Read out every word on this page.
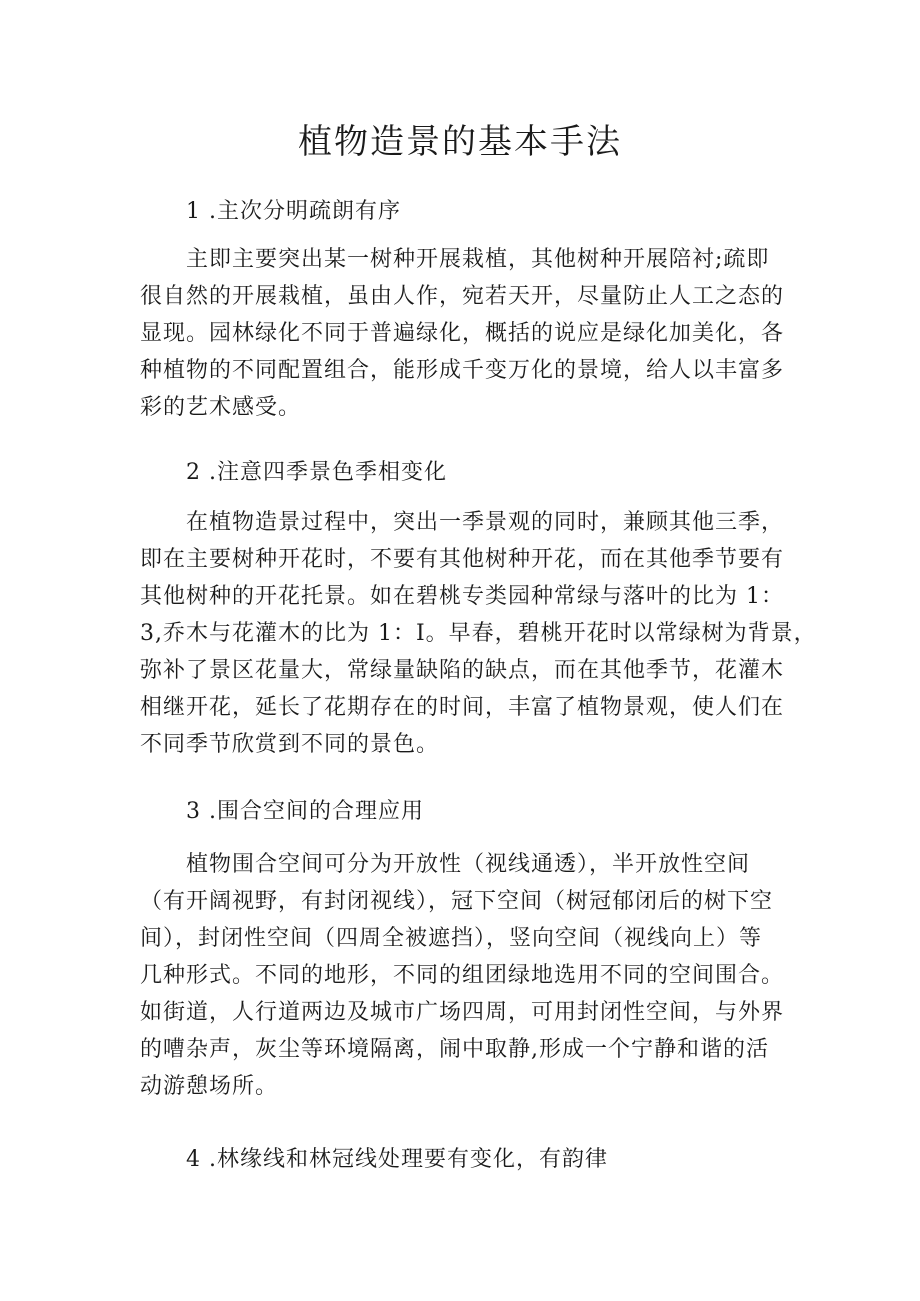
植物造景的基本手法
1 .主次分明疏朗有序
主即主要突出某一树种开展栽植，其他树种开展陪衬;疏即
很自然的开展栽植，虽由人作，宛若天开，尽量防止人工之态的
显现。园林绿化不同于普遍绿化，概括的说应是绿化加美化，各
种植物的不同配置组合，能形成千变万化的景境，给人以丰富多
彩的艺术感受。
2 .注意四季景色季相变化
在植物造景过程中，突出一季景观的同时，兼顾其他三季，
即在主要树种开花时，不要有其他树种开花，而在其他季节要有
其他树种的开花托景。如在碧桃专类园种常绿与落叶的比为 1：
3,乔木与花灌木的比为 1：I。早春，碧桃开花时以常绿树为背景，
弥补了景区花量大，常绿量缺陷的缺点，而在其他季节，花灌木
相继开花，延长了花期存在的时间，丰富了植物景观，使人们在
不同季节欣赏到不同的景色。
3 .围合空间的合理应用
植物围合空间可分为开放性（视线通透），半开放性空间
（有开阔视野，有封闭视线），冠下空间（树冠郁闭后的树下空
间），封闭性空间（四周全被遮挡），竖向空间（视线向上）等
几种形式。不同的地形，不同的组团绿地选用不同的空间围合。
如街道，人行道两边及城市广场四周，可用封闭性空间，与外界
的嘈杂声，灰尘等环境隔离，闹中取静,形成一个宁静和谐的活
动游憩场所。
4 .林缘线和林冠线处理要有变化，有韵律
